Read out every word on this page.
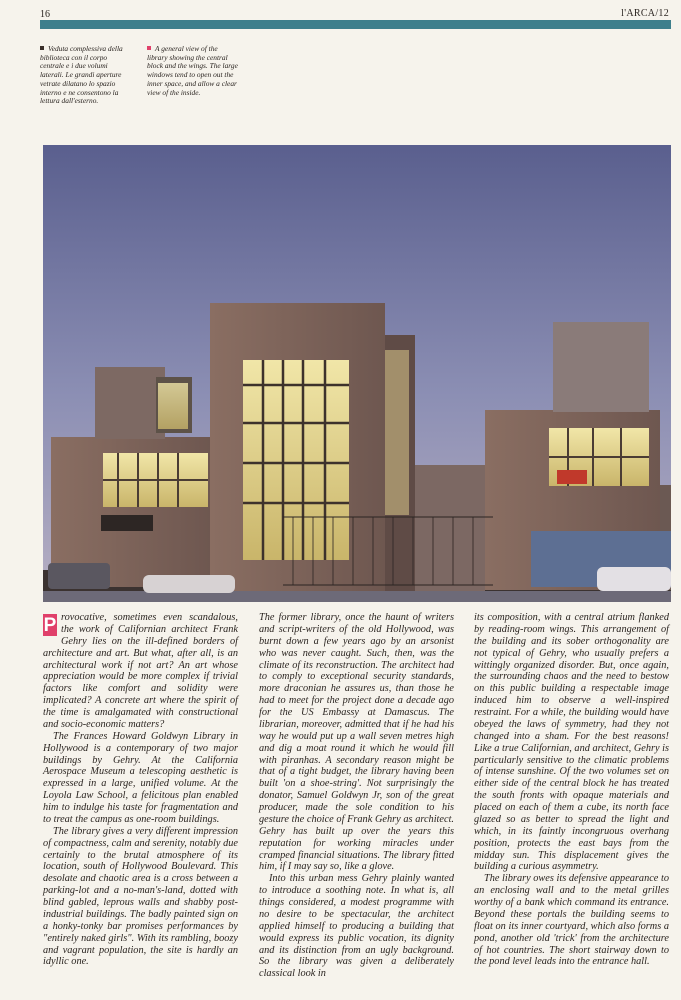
16	l'ARCA/12
Veduta complessiva della biblioteca con il corpo centrale e i due volumi laterali. Le grandi aperture vetrate dilatano lo spazio interno e ne consentono la lettura dall'esterno.
A general view of the library showing the central block and the wings. The large windows tend to open out the inner space, and allow a clear view of the inside.

P rovocative, sometimes even scandalous, the work of Californian architect Frank Gehry lies on the ill-defined borders of architecture and art. But what, after all, is an architectural work if not art? An art whose appreciation would be more complex if trivial factors like comfort and solidity were implicated? A concrete art where the spirit of the time is amalgamated with constructional and socio-economic matters?

The Frances Howard Goldwyn Library in Hollywood is a contemporary of two major buildings by Gehry. At the California Aerospace Museum a telescoping aesthetic is expressed in a large, unified volume. At the Loyola Law School, a felicitous plan enabled him to indulge his taste for fragmentation and to treat the campus as one-room buildings.

The library gives a very different impression of compactness, calm and serenity, notably due certainly to the brutal atmosphere of its location, south of Hollywood Boulevard. This desolate and chaotic area is a cross between a parking-lot and a no-man's-land, dotted with blind gabled, leprous walls and shabby post-industrial buildings. The badly painted sign on a honky-tonky bar promises performances by "entirely naked girls". With its rambling, boozy and vagrant population, the site is hardly an idyllic one.

The former library, once the haunt of writers and script-writers of the old Hollywood, was burnt down a few years ago by an arsonist who was never caught. Such, then, was the climate of its reconstruction. The architect had to comply to exceptional security standards, more draconian he assures us, than those he had to meet for the project done a decade ago for the US Embassy at Damascus. The librarian, moreover, admitted that if he had his way he would put up a wall seven metres high and dig a moat round it which he would fill with piranhas. A secondary reason might be that of a tight budget, the library having been built 'on a shoe-string'. Not surprisingly the donator, Samuel Goldwyn Jr, son of the great producer, made the sole condition to his gesture the choice of Frank Gehry as architect. Gehry has built up over the years this reputation for working miracles under cramped financial situations. The library fitted him, if I may say so, like a glove.

Into this urban mess Gehry plainly wanted to introduce a soothing note. In what is, all things considered, a modest programme with no desire to be spectacular, the architect applied himself to producing a building that would express its public vocation, its dignity and its distinction from an ugly background. So the library was given a deliberately classical look in

its composition, with a central atrium flanked by reading-room wings. This arrangement of the building and its sober orthogonality are not typical of Gehry, who usually prefers a wittingly organized disorder. But, once again, the surrounding chaos and the need to bestow on this public building a respectable image induced him to observe a well-inspired restraint. For a while, the building would have obeyed the laws of symmetry, had they not changed into a sham. For the best reasons! Like a true Californian, and architect, Gehry is particularly sensitive to the climatic problems of intense sunshine. Of the two volumes set on either side of the central block he has treated the south fronts with opaque materials and placed on each of them a cube, its north face glazed so as better to spread the light and which, in its faintly incongruous overhang position, protects the east bays from the midday sun. This displacement gives the building a curious asymmetry.

The library owes its defensive appearance to an enclosing wall and to the metal grilles worthy of a bank which command its entrance. Beyond these portals the building seems to float on its inner courtyard, which also forms a pond, another old 'trick' from the architecture of hot countries. The short stairway down to the pond level leads into the entrance hall.
